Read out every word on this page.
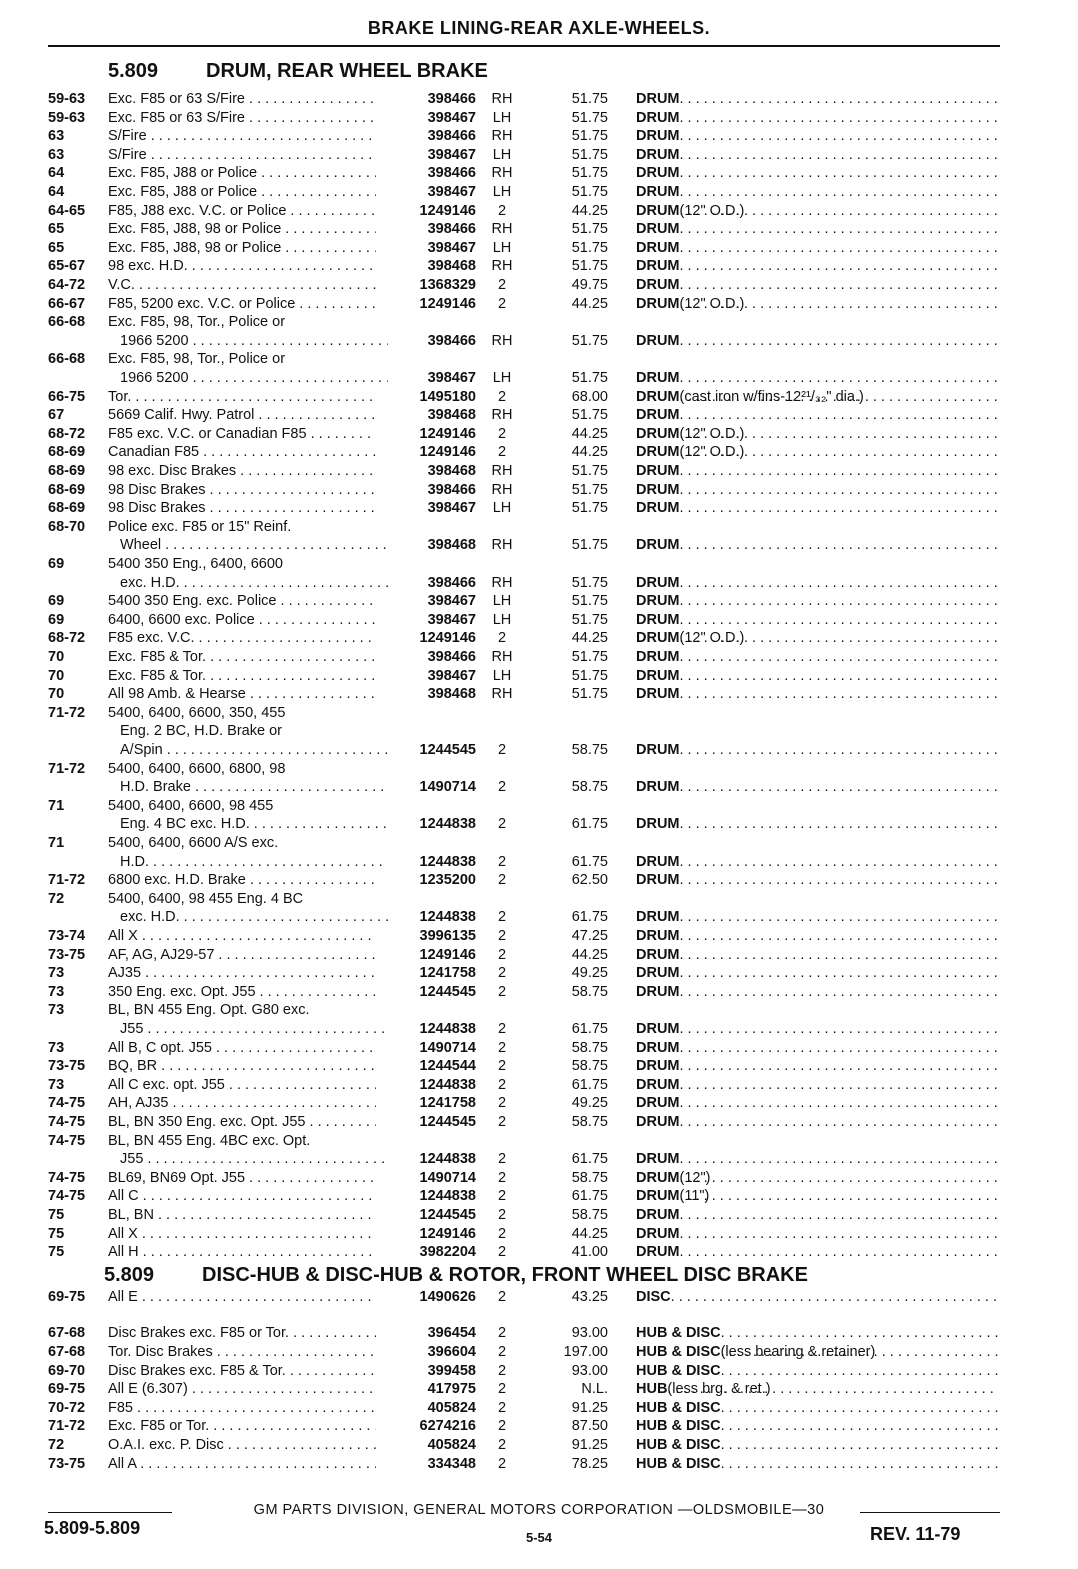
BRAKE LINING-REAR AXLE-WHEELS.
5.809 DRUM, REAR WHEEL BRAKE
59-63 Exc. F85 or 63 S/Fire . . .	398466	RH	51.75 DRUM
. . .
59-63 Exc. F85 or 63 S/Fire . . .	398467	LH	51.75 DRUM
. . .
63	S/Fire . . .	398466	RH	51.75 DRUM
. . .
63	S/Fire . . .	398467	LH	51.75 DRUM
. . .
64	Exc. F85, J88 or Police . . .	398466	RH	51.75 DRUM
. . .
64	Exc. F85, J88 or Police . . .	398467	LH	51.75 DRUM
. . .
64-65 F85, J88 exc. V.C. or Police . . .	1249146	2	44.25 DRUM (12" O.D.)
. . .
65	Exc. F85, J88, 98 or Police . . .	398466	RH	51.75 DRUM
. . .
65	Exc. F85, J88, 98 or Police . . .	398467	LH	51.75 DRUM
. . .
65-67 98 exc. H.D. . . .	398468	RH	51.75 DRUM
. . .
64-72 V.C. . . .	1368329	2	49.75 DRUM
. . .
66-67 F85, 5200 exc. V.C. or Police . . .	1249146	2	44.25 DRUM (12" O.D.)
. . .
66-68 Exc. F85, 98, Tor., Police or
1966 5200 . . .	398466	RH	51.75 DRUM
. . .
66-68 Exc. F85, 98, Tor., Police or
1966 5200 . . .	398467	LH	51.75 DRUM
. . .
66-75 Tor. . . .	1495180	2	68.00 DRUM (cast iron w/fins-12²¹/₃₂" dia.)
. . .
67	5669 Calif. Hwy. Patrol . . .	398468	RH	51.75 DRUM
. . .
68-72 F85 exc. V.C. or Canadian F85 . . .	1249146	2	44.25 DRUM (12" O.D.)
. . .
68-69 Canadian F85 . . .	1249146	2	44.25 DRUM (12" O.D.)
. . .
68-69 98 exc. Disc Brakes . . .	398468	RH	51.75 DRUM
. . .
68-69 98 Disc Brakes . . .	398466	RH	51.75 DRUM
. . .
68-69 98 Disc Brakes . . .	398467	LH	51.75 DRUM
. . .
68-70 Police exc. F85 or 15" Reinf.
Wheel . . .	398468	RH	51.75 DRUM
. . .
69	5400 350 Eng., 6400, 6600
exc. H.D. . . .	398466	RH	51.75 DRUM
. . .
69	5400 350 Eng. exc. Police . . .	398467	LH	51.75 DRUM
. . .
69	6400, 6600 exc. Police . . .	398467	LH	51.75 DRUM
. . .
68-72 F85 exc. V.C. . . .	1249146	2	44.25 DRUM (12" O.D.)
. . .
70	Exc. F85 & Tor. . . .	398466	RH	51.75 DRUM
. . .
70	Exc. F85 & Tor. . . .	398467	LH	51.75 DRUM
. . .
70	All 98 Amb. & Hearse . . .	398468	RH	51.75 DRUM
. . .
71-72 5400, 6400, 6600, 350, 455
Eng. 2 BC, H.D. Brake or
A/Spin . . .	1244545	2	58.75 DRUM
. . .
71-72 5400, 6400, 6600, 6800, 98
H.D. Brake . . .	1490714	2	58.75 DRUM
. . .
71	5400, 6400, 6600, 98 455
Eng. 4 BC exc. H.D. . . .	1244838	2	61.75 DRUM
. . .
71	5400, 6400, 6600 A/S exc.
H.D. . . .	1244838	2	61.75 DRUM
. . .
71-72 6800 exc. H.D. Brake . . .	1235200	2	62.50 DRUM
. . .
72	5400, 6400, 98 455 Eng. 4 BC
exc. H.D. . . .	1244838	2	61.75 DRUM
. . .
73-74 All X . . .	3996135	2	47.25 DRUM
. . .
73-75 AF, AG, AJ29-57 . . .	1249146	2	44.25 DRUM
. . .
73	AJ35 . . .	1241758	2	49.25 DRUM
. . .
73	350 Eng. exc. Opt. J55 . . .	1244545	2	58.75 DRUM
. . .
73	BL, BN 455 Eng. Opt. G80 exc.
J55 . . .	1244838	2	61.75 DRUM
. . .
73	All B, C opt. J55 . . .	1490714	2	58.75 DRUM
. . .
73-75 BQ, BR . . .	1244544	2	58.75 DRUM
. . .
73	All C exc. opt. J55 . . .	1244838	2	61.75 DRUM
. . .
74-75 AH, AJ35 . . .	1241758	2	49.25 DRUM
. . .
74-75 BL, BN 350 Eng. exc. Opt. J55 . . .	1244545	2	58.75 DRUM
. . .
74-75 BL, BN 455 Eng. 4BC exc. Opt.
J55 . . .	1244838	2	61.75 DRUM
. . .
74-75 BL69, BN69 Opt. J55 . . .	1490714	2	58.75 DRUM (12")
. . .
74-75 All C . . .	1244838	2	61.75 DRUM (11")
. . .
75	BL, BN . . .	1244545	2	58.75 DRUM
. . .
75	All X . . .	1249146	2	44.25 DRUM
. . .
75	All H . . .	3982204	2	41.00 DRUM
. . .
5.809 DISC-HUB & DISC-HUB & ROTOR, FRONT WHEEL DISC BRAKE
69-75 All E . . .	1490626	2	43.25 DISC
. . .
67-68 Disc Brakes exc. F85 or Tor. . . .	396454	2	93.00 HUB & DISC
. . .
67-68 Tor. Disc Brakes . . .	396604	2	197.00 HUB & DISC (less bearing & retainer)
. . .
69-70 Disc Brakes exc. F85 & Tor. . . .	399458	2	93.00 HUB & DISC
. . .
69-75 All E (6.307) . . .	417975	2	N.L. HUB (less brg. & ret.)
. . .
70-72 F85 . . .	405824	2	91.25 HUB & DISC
. . .
71-72 Exc. F85 or Tor. . . .	6274216	2	87.50 HUB & DISC
. . .
72	O.A.I. exc. P. Disc . . .	405824	2	91.25 HUB & DISC
. . .
73-75 All A . . .	334348	2	78.25 HUB & DISC
. . .
GM PARTS DIVISION, GENERAL MOTORS CORPORATION —OLDSMOBILE—30
5.809-5.809	5-54	REV. 11-79
